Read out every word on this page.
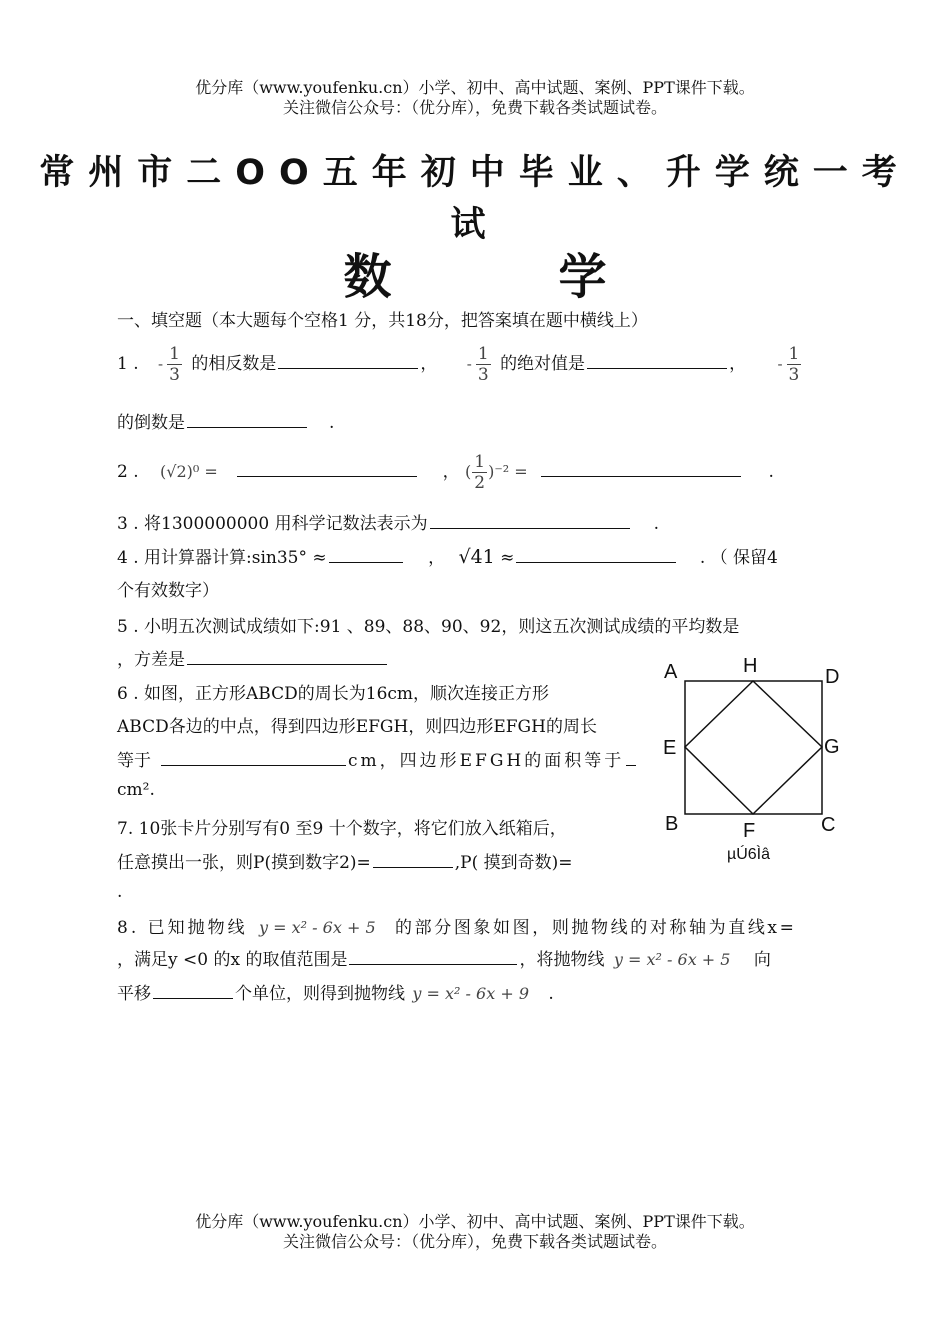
优分库（www.youfenku.cn）小学、初中、高中试题、案例、PPT课件下载。
关注微信公众号：（优分库），免费下载各类试题试卷。
常州市二OO五年初中毕业、升学统一考
试
数          学
一、填空题（本大题每个空格1 分，共18分，把答案填在题中横线上）
1 . - $\frac{1}{3}$ 的相反数是	， - $\frac{1}{3}$ 的绝对值是	， - $\frac{1}{3}$
的倒数是	.
2 . (√2)⁰ =	， ( $\frac{1}{2} )^{-2}$ =	.
3 . 将1300000000 用科学记数法表示为	.
4 . 用计算器计算:sin35° ≈	， √41 ≈	. （ 保留4
个有效数字）
5 . 小明五次测试成绩如下:91 、89、88、90、92，则这五次测试成绩的平均数是
，方差是
6 . 如图，正方形ABCD的周长为16cm，顺次连接正方形
ABCD各边的中点，得到四边形EFGH，则四边形EFGH的周长
等于	cm，四边形EFGH的面积等于
cm².
7. 10张卡片分别写有0 至9 十个数字，将它们放入纸箱后，
任意摸出一张，则P(摸到数字2)=	,P( 摸到奇数)=
.
A	H	D
E	G
B	F	C
µÚ6Ìâ
8. 已知抛物线 y = x² - 6x + 5 的部分图象如图，则抛物线的对称轴为直线x=
，满足y <0 的x 的取值范围是	，将抛物线 y = x² - 6x + 5 向
平移	个单位，则得到抛物线 y = x² - 6x + 9 .
优分库（www.youfenku.cn）小学、初中、高中试题、案例、PPT课件下载。
关注微信公众号：（优分库），免费下载各类试题试卷。
